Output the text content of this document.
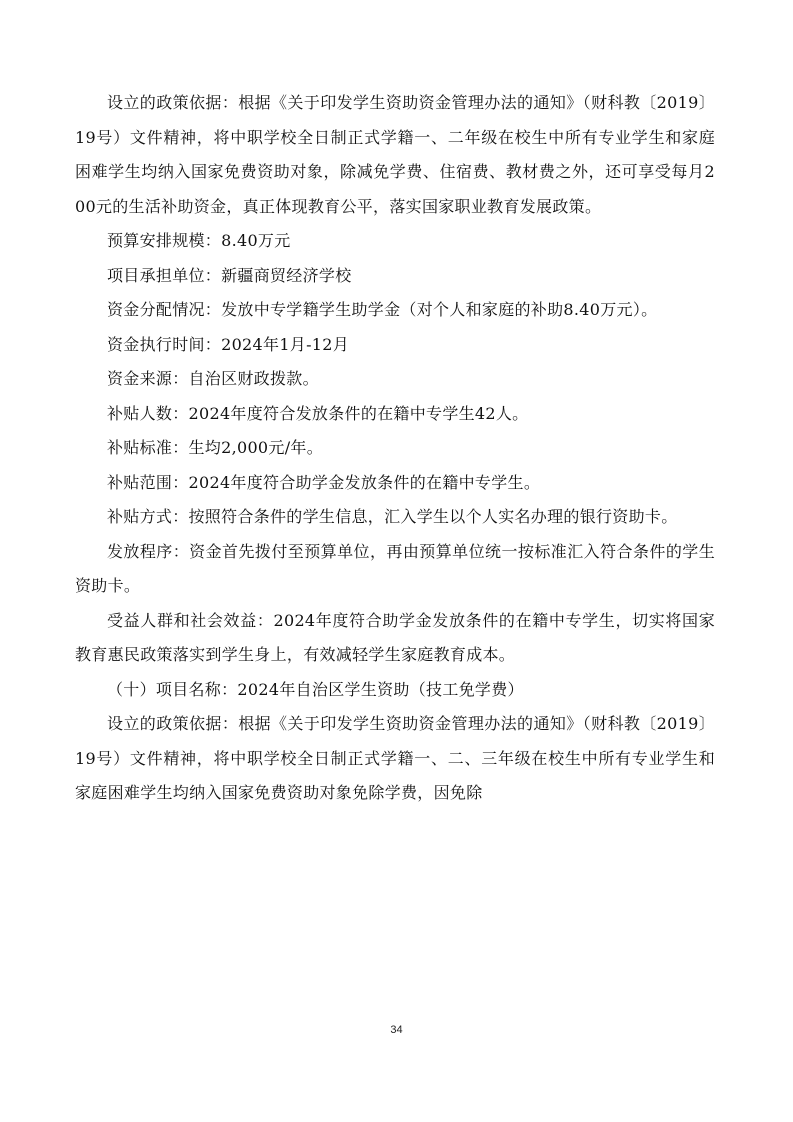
设立的政策依据：根据《关于印发学生资助资金管理办法的通知》（财科教〔2019〕19号）文件精神，将中职学校全日制正式学籍一、二年级在校生中所有专业学生和家庭困难学生均纳入国家免费资助对象，除减免学费、住宿费、教材费之外，还可享受每月200元的生活补助资金，真正体现教育公平，落实国家职业教育发展政策。

预算安排规模：8.40万元

项目承担单位：新疆商贸经济学校

资金分配情况：发放中专学籍学生助学金（对个人和家庭的补助8.40万元）。

资金执行时间：2024年1月-12月

资金来源：自治区财政拨款。

补贴人数：2024年度符合发放条件的在籍中专学生42人。

补贴标准：生均2,000元/年。

补贴范围：2024年度符合助学金发放条件的在籍中专学生。

补贴方式：按照符合条件的学生信息，汇入学生以个人实名办理的银行资助卡。

发放程序：资金首先拨付至预算单位，再由预算单位统一按标准汇入符合条件的学生资助卡。

受益人群和社会效益：2024年度符合助学金发放条件的在籍中专学生，切实将国家教育惠民政策落实到学生身上，有效减轻学生家庭教育成本。

（十）项目名称：2024年自治区学生资助（技工免学费）

设立的政策依据：根据《关于印发学生资助资金管理办法的通知》（财科教〔2019〕19号）文件精神，将中职学校全日制正式学籍一、二、三年级在校生中所有专业学生和家庭困难学生均纳入国家免费资助对象免除学费，因免除

34
